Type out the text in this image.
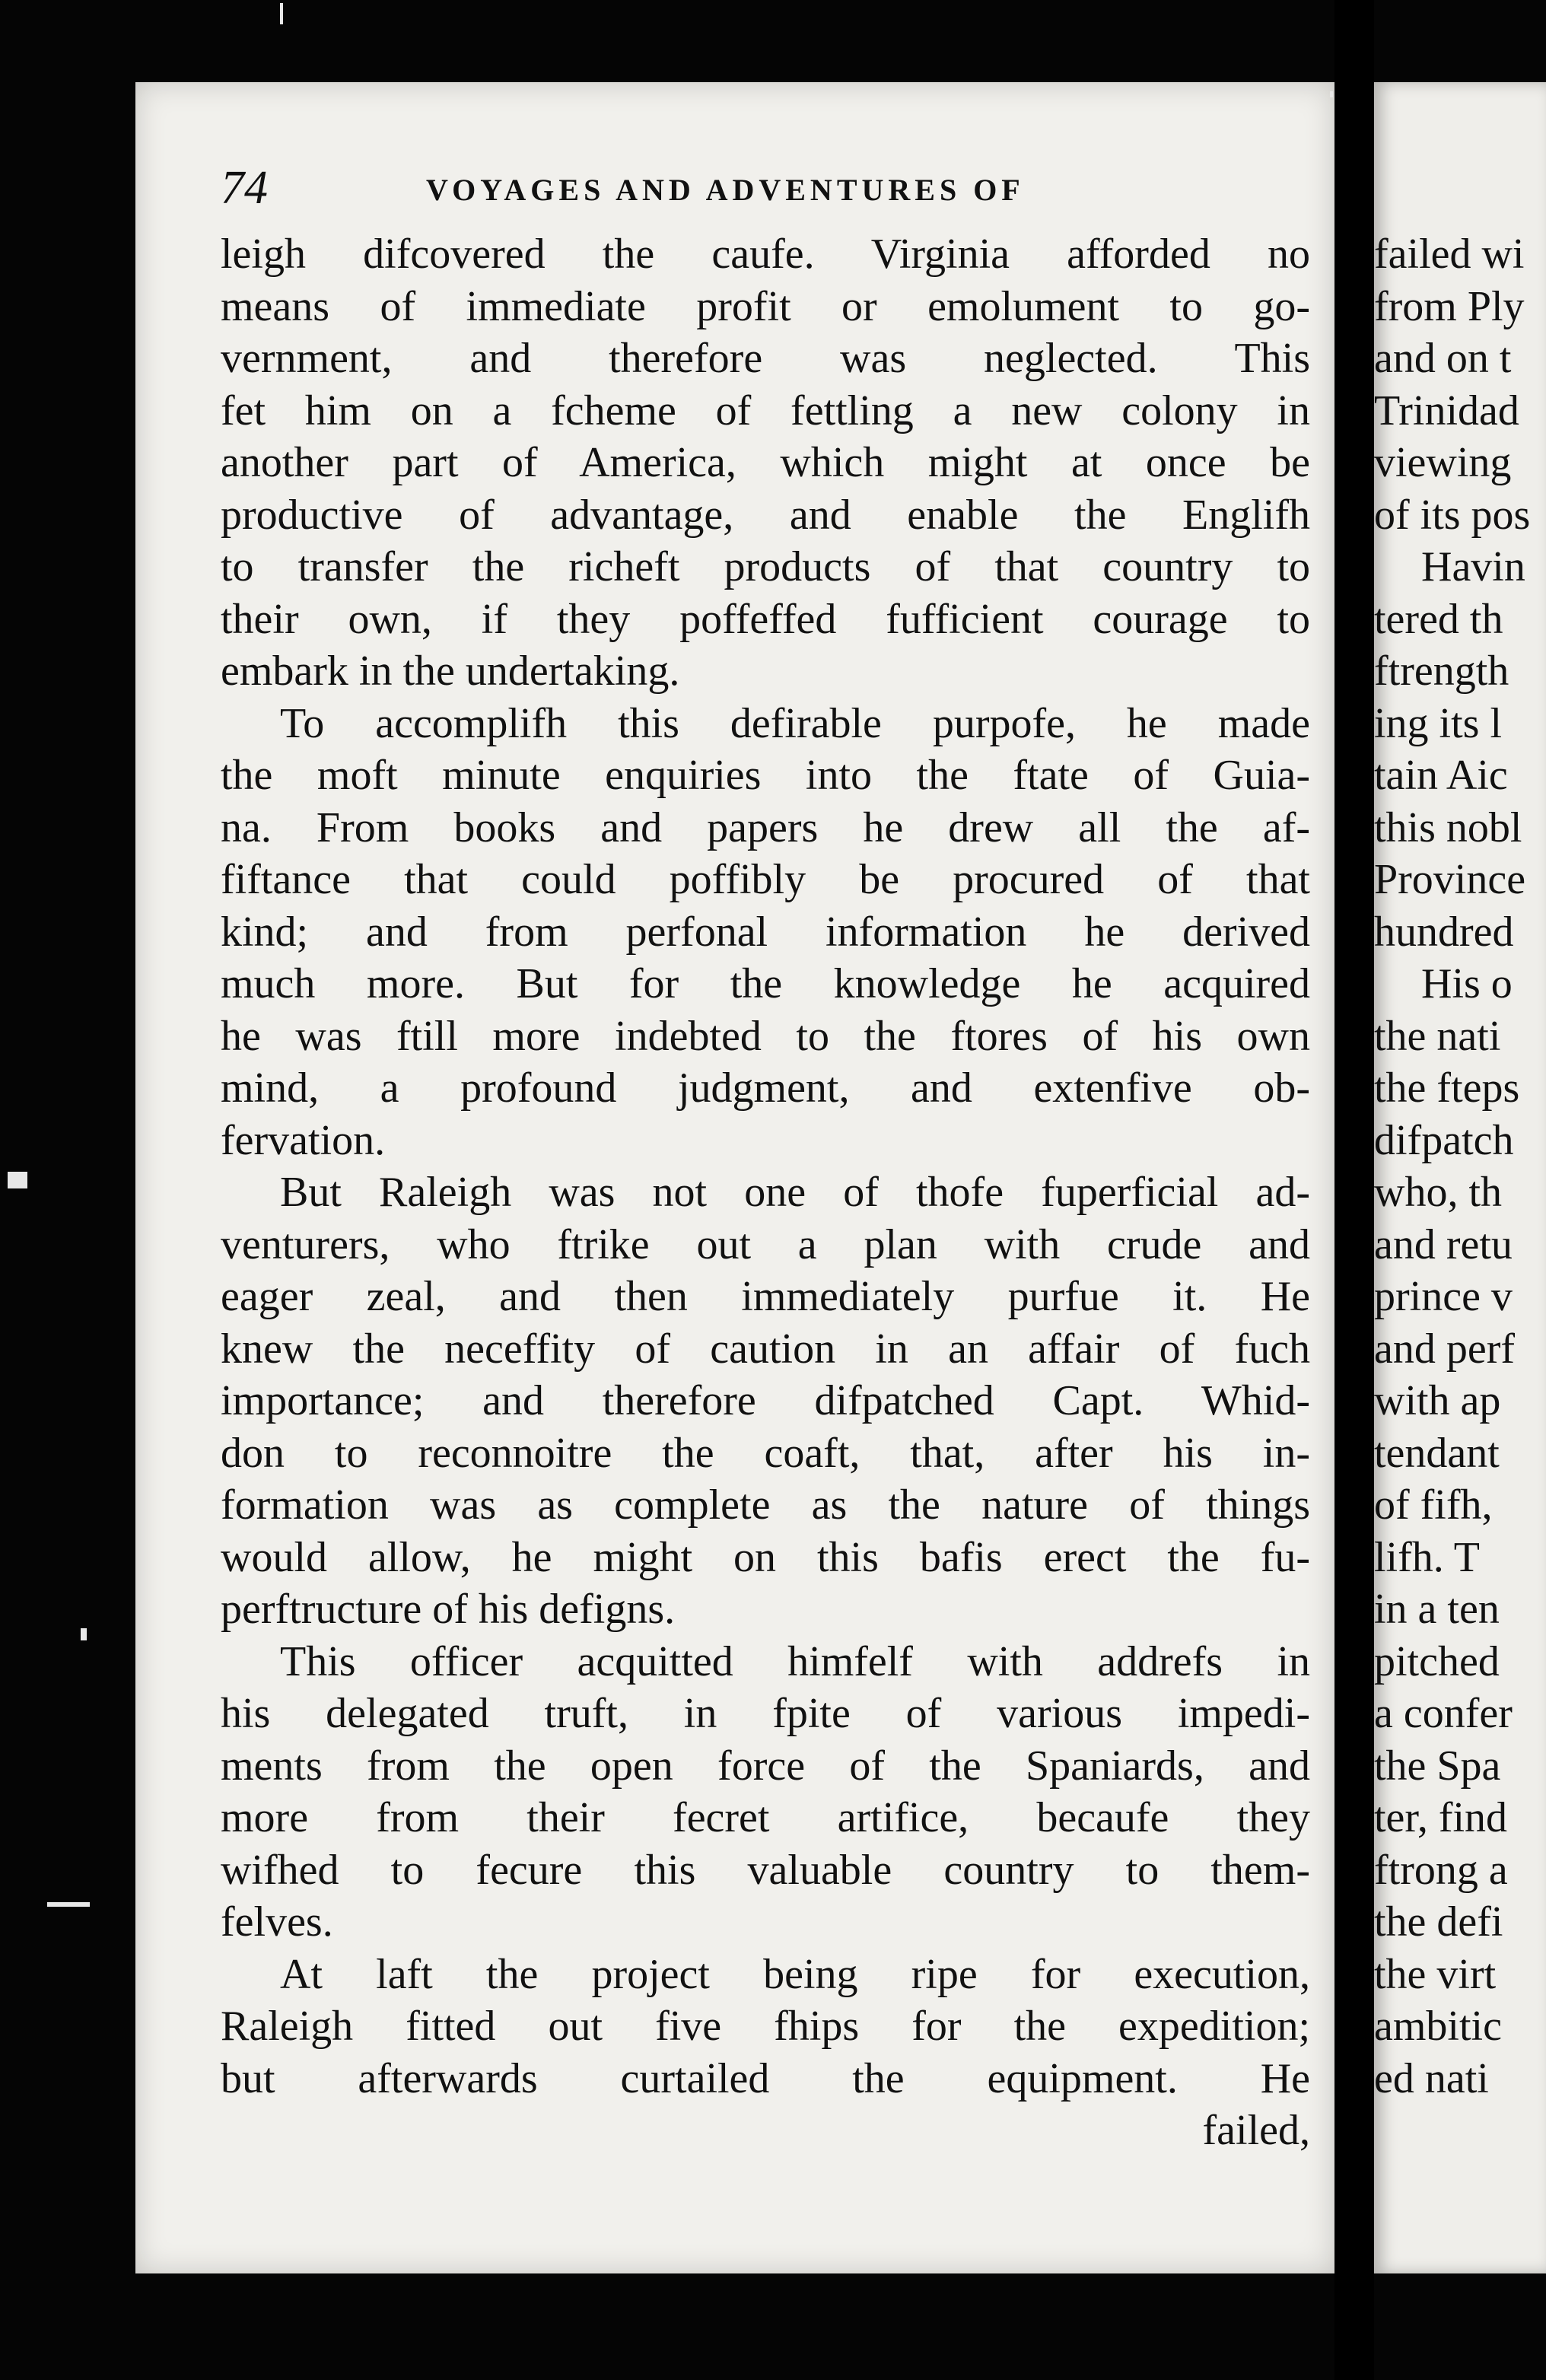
74	VOYAGES AND ADVENTURES OF
leigh difcovered the caufe. Virginia afforded no
means of immediate profit or emolument to go-
vernment, and therefore was neglected. This
fet him on a fcheme of fettling a new colony in
another part of America, which might at once be
productive of advantage, and enable the Englifh
to transfer the richeft products of that country to
their own, if they poffeffed fufficient courage to
embark in the undertaking.
To accomplifh this defirable purpofe, he made
the moft minute enquiries into the ftate of Guia-
na. From books and papers he drew all the af-
fiftance that could poffibly be procured of that
kind; and from perfonal information he derived
much more. But for the knowledge he acquired
he was ftill more indebted to the ftores of his own
mind, a profound judgment, and extenfive ob-
fervation.
But Raleigh was not one of thofe fuperficial ad-
venturers, who ftrike out a plan with crude and
eager zeal, and then immediately purfue it. He
knew the neceffity of caution in an affair of fuch
importance; and therefore difpatched Capt. Whid-
don to reconnoitre the coaft, that, after his in-
formation was as complete as the nature of things
would allow, he might on this bafis erect the fu-
perftructure of his defigns.
This officer acquitted himfelf with addrefs in
his delegated truft, in fpite of various impedi-
ments from the open force of the Spaniards, and
more from their fecret artifice, becaufe they
wifhed to fecure this valuable country to them-
felves.
At laft the project being ripe for execution,
Raleigh fitted out five fhips for the expedition;
but afterwards curtailed the equipment. He
failed,
failed wi
from Ply
and on t
Trinidad
viewing
of its pos
Havin
tered th
ftrength
ing its l
tain Aic
this nobl
Province
hundred
His o
the nati
the fteps
difpatch
who, th
and retu
prince v
and perf
with ap
tendant
of fifh,
lifh. T
in a ten
pitched
a confer
the Spa
ter, find
ftrong a
the defi
the virt
ambitic
ed nati
